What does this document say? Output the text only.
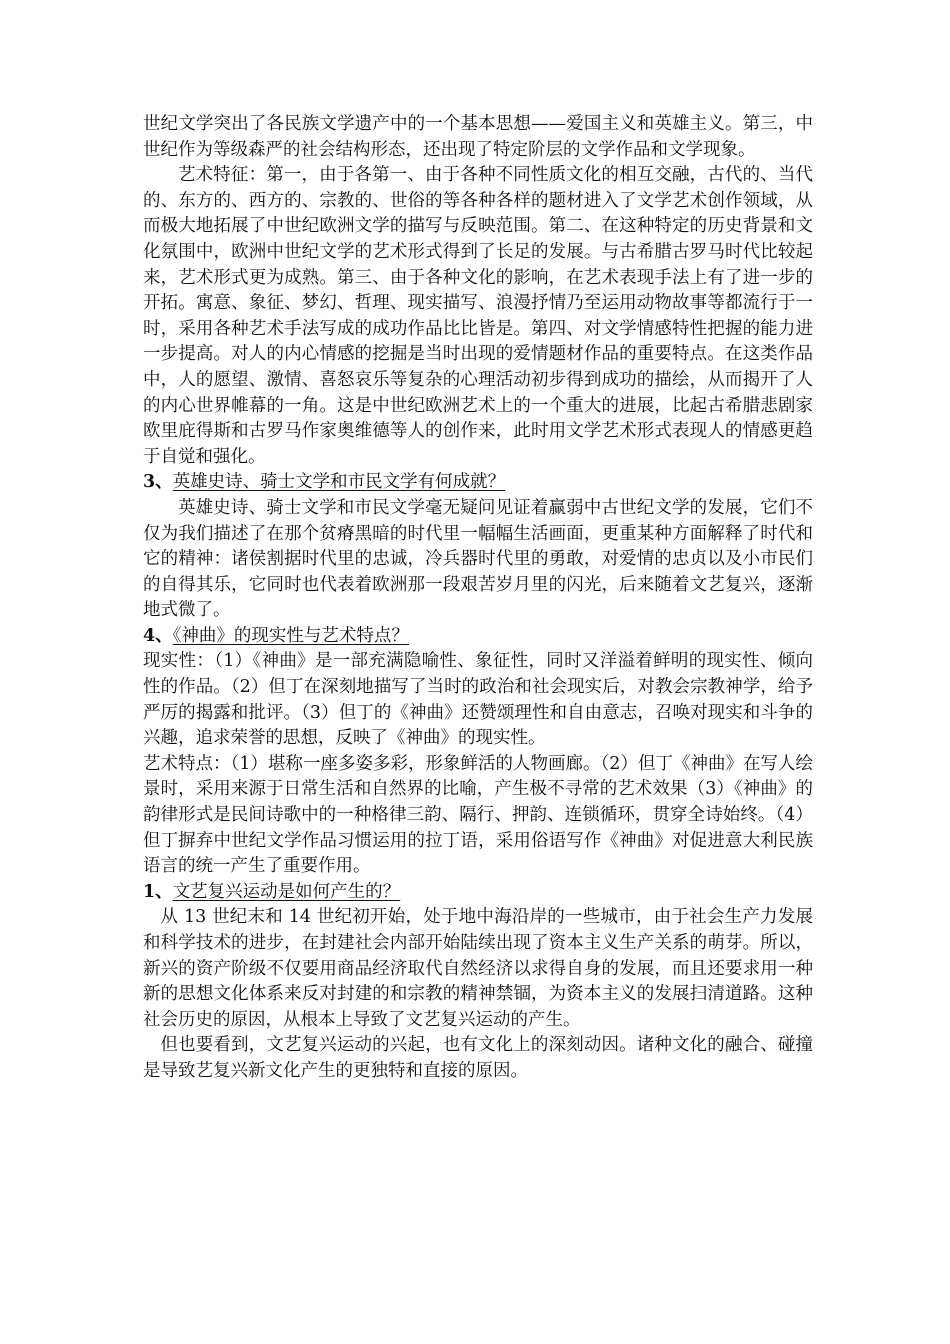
世纪文学突出了各民族文学遗产中的一个基本思想——爱国主义和英雄主义。第三，中世纪作为等级森严的社会结构形态，还出现了特定阶层的文学作品和文学现象。

艺术特征：第一，由于各第一、由于各种不同性质文化的相互交融，古代的、当代的、东方的、西方的、宗教的、世俗的等各种各样的题材进入了文学艺术创作领域，从而极大地拓展了中世纪欧洲文学的描写与反映范围。第二、在这种特定的历史背景和文化氛围中，欧洲中世纪文学的艺术形式得到了长足的发展。与古希腊古罗马时代比较起来，艺术形式更为成熟。第三、由于各种文化的影响，在艺术表现手法上有了进一步的开拓。寓意、象征、梦幻、哲理、现实描写、浪漫抒情乃至运用动物故事等都流行于一时，采用各种艺术手法写成的成功作品比比皆是。第四、对文学情感特性把握的能力进一步提高。对人的内心情感的挖掘是当时出现的爱情题材作品的重要特点。在这类作品中，人的愿望、激情、喜怒哀乐等复杂的心理活动初步得到成功的描绘，从而揭开了人的内心世界帷幕的一角。这是中世纪欧洲艺术上的一个重大的进展，比起古希腊悲剧家欧里庇得斯和古罗马作家奥维德等人的创作来，此时用文学艺术形式表现人的情感更趋于自觉和强化。

3、英雄史诗、骑士文学和市民文学有何成就？

英雄史诗、骑士文学和市民文学毫无疑问见证着赢弱中古世纪文学的发展，它们不仅为我们描述了在那个贫瘠黑暗的时代里一幅幅生活画面，更重某种方面解释了时代和它的精神：诸侯割据时代里的忠诚，冷兵器时代里的勇敢，对爱情的忠贞以及小市民们的自得其乐，它同时也代表着欧洲那一段艰苦岁月里的闪光，后来随着文艺复兴，逐渐地式微了。

4、《神曲》的现实性与艺术特点？

现实性：（1）《神曲》是一部充满隐喻性、象征性，同时又洋溢着鲜明的现实性、倾向性的作品。（2）但丁在深刻地描写了当时的政治和社会现实后，对教会宗教神学，给予严厉的揭露和批评。（3）但丁的《神曲》还赞颂理性和自由意志，召唤对现实和斗争的兴趣，追求荣誉的思想，反映了《神曲》的现实性。

艺术特点：（1）堪称一座多姿多彩，形象鲜活的人物画廊。（2）但丁《神曲》在写人绘景时，采用来源于日常生活和自然界的比喻，产生极不寻常的艺术效果（3）《神曲》的韵律形式是民间诗歌中的一种格律三韵、隔行、押韵、连锁循环，贯穿全诗始终。（4）但丁摒弃中世纪文学作品习惯运用的拉丁语，采用俗语写作《神曲》对促进意大利民族语言的统一产生了重要作用。

1、文艺复兴运动是如何产生的？

从 13 世纪末和 14 世纪初开始，处于地中海沿岸的一些城市，由于社会生产力发展和科学技术的进步，在封建社会内部开始陆续出现了资本主义生产关系的萌芽。所以，新兴的资产阶级不仅要用商品经济取代自然经济以求得自身的发展，而且还要求用一种新的思想文化体系来反对封建的和宗教的精神禁锢，为资本主义的发展扫清道路。这种社会历史的原因，从根本上导致了文艺复兴运动的产生。

但也要看到，文艺复兴运动的兴起，也有文化上的深刻动因。诸种文化的融合、碰撞是导致艺复兴新文化产生的更独特和直接的原因。
